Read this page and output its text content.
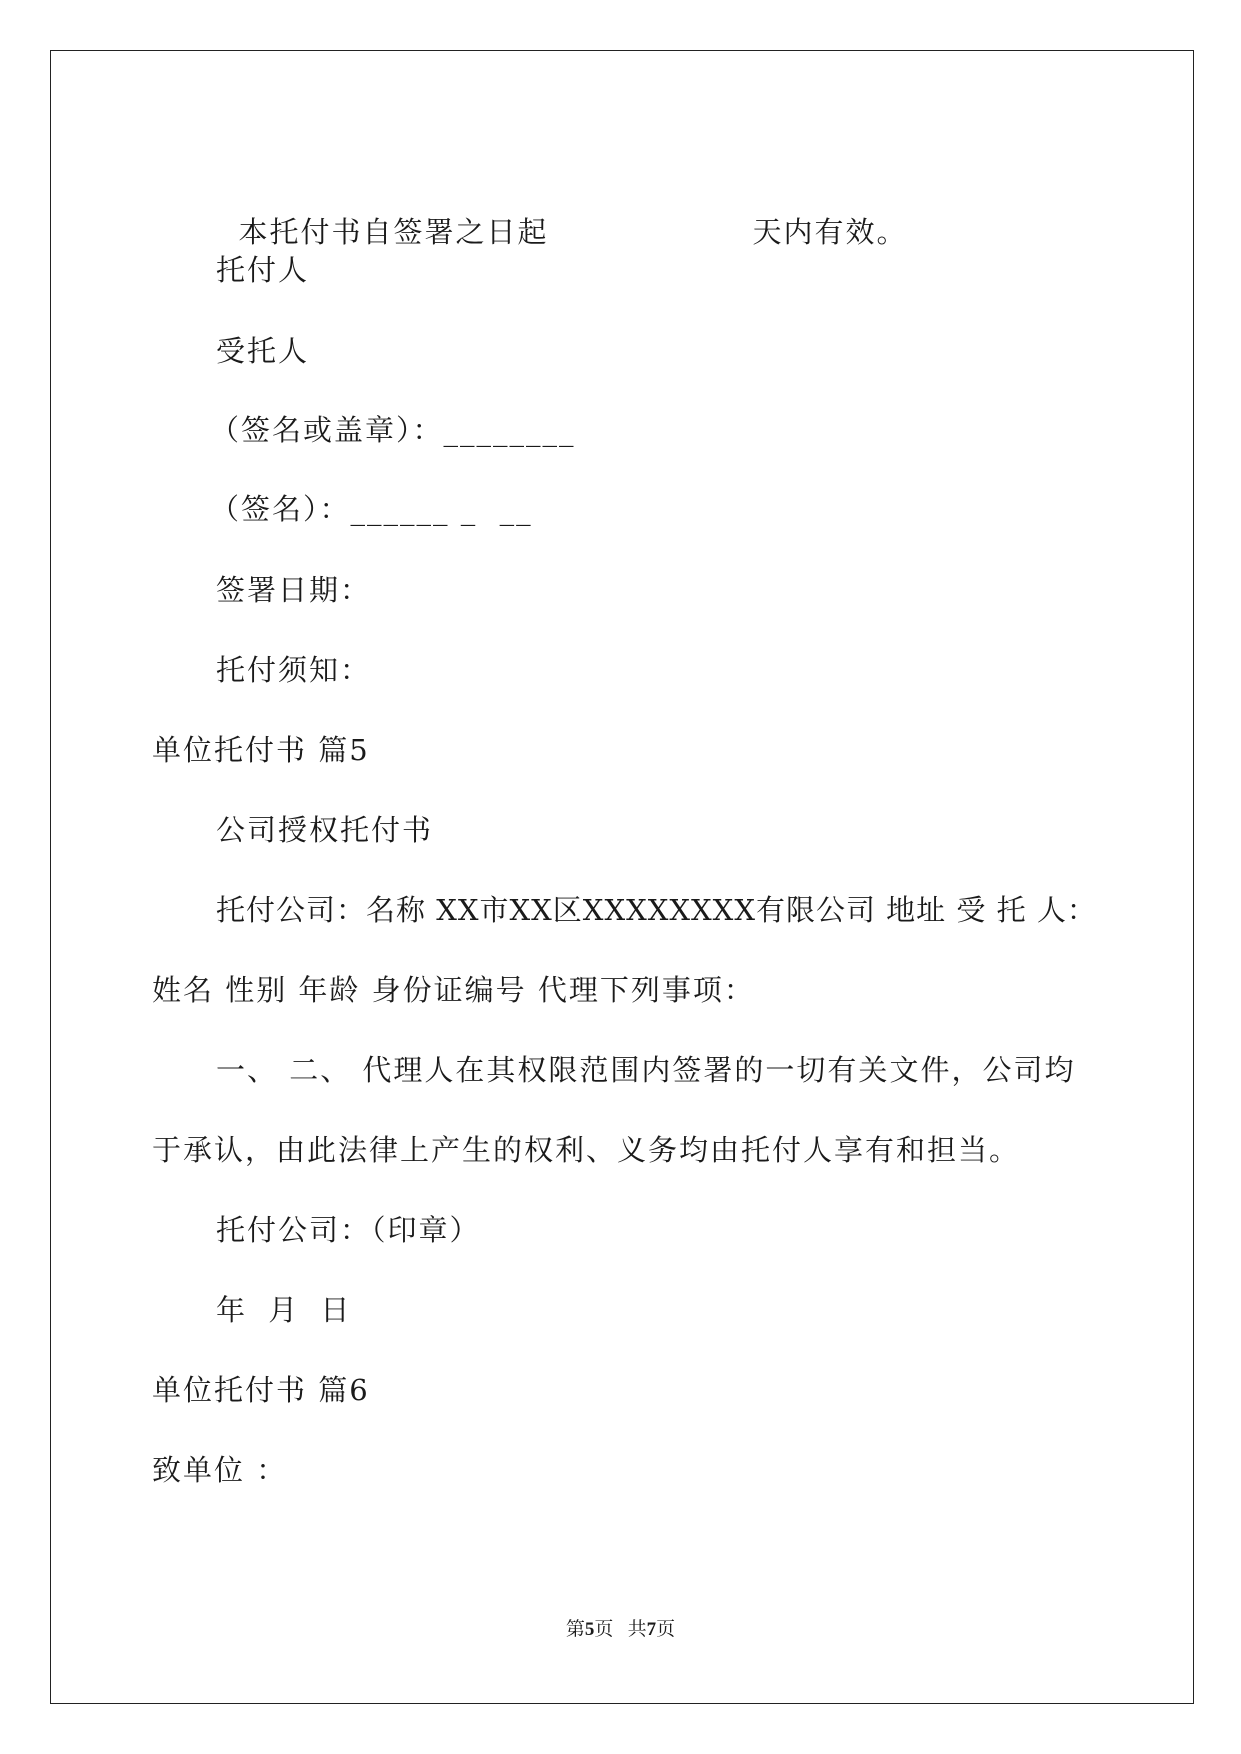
本托付书自签署之日起	天内有效。

托付人
受托人
（签名或盖章）：________
（签名）：______ _  __
签署日期：
托付须知：
单位托付书 篇5
公司授权托付书
托付公司：名称 XX市XX区XXXXXXXX有限公司 地址 受 托 人：
姓名 性别 年龄 身份证编号 代理下列事项：
一、 二、 代理人在其权限范围内签署的一切有关文件，公司均
于承认，由此法律上产生的权利、义务均由托付人享有和担当。
托付公司：（印章）
年 月 日
单位托付书 篇6
致单位 ：
第5页 共7页
